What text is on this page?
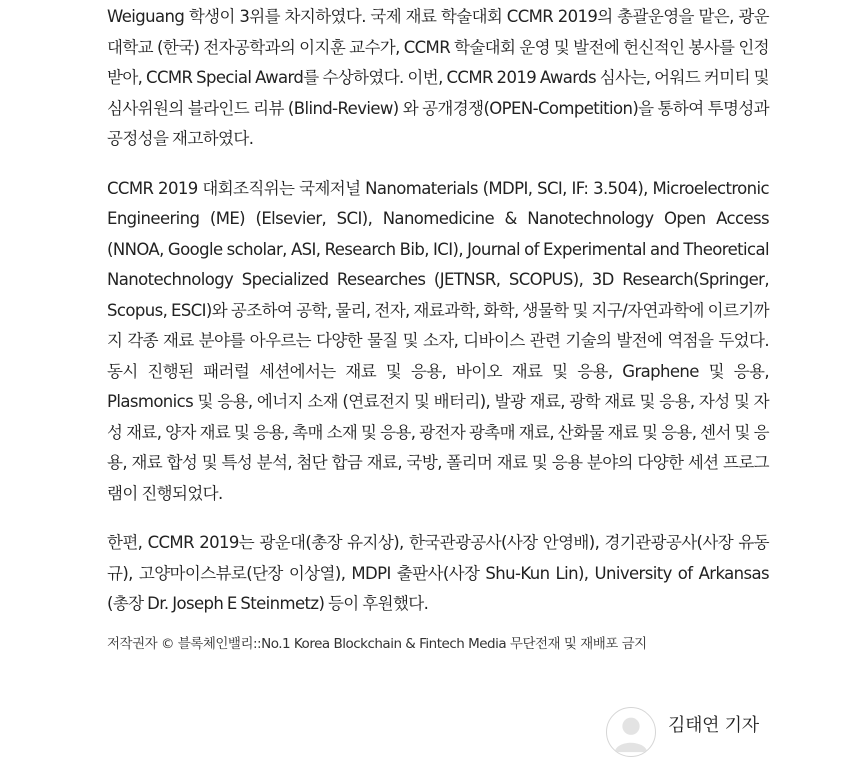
Weiguang 학생이 3위를 차지하였다. 국제 재료 학술대회 CCMR 2019의 총괄운영을 맡은, 광운대학교 (한국) 전자공학과의 이지훈 교수가, CCMR 학술대회 운영 및 발전에 헌신적인 봉사를 인정받아, CCMR Special Award를 수상하였다. 이번, CCMR 2019 Awards 심사는, 어워드 커미티 및 심사위원의 블라인드 리뷰 (Blind-Review) 와 공개경쟁(OPEN-Competition)을 통하여 투명성과 공정성을 재고하였다.

CCMR 2019 대회조직위는 국제저널 Nanomaterials (MDPI, SCI, IF: 3.504), Microelectronic Engineering (ME) (Elsevier, SCI), Nanomedicine & Nanotechnology Open Access (NNOA, Google scholar, ASI, Research Bib, ICI), Journal of Experimental and Theoretical Nanotechnology Specialized Researches (JETNSR, SCOPUS), 3D Research(Springer, Scopus, ESCI)와 공조하여 공학, 물리, 전자, 재료과학, 화학, 생물학 및 지구/자연과학에 이르기까지 각종 재료 분야를 아우르는 다양한 물질 및 소자, 디바이스 관련 기술의 발전에 역점을 두었다. 동시 진행된 패러럴 세션에서는 재료 및 응용, 바이오 재료 및 응용, Graphene 및 응용, Plasmonics 및 응용, 에너지 소재 (연료전지 및 배터리), 발광 재료, 광학 재료 및 응용, 자성 및 자성 재료, 양자 재료 및 응용, 촉매 소재 및 응용, 광전자 광촉매 재료, 산화물 재료 및 응용, 센서 및 응용, 재료 합성 및 특성 분석, 첨단 합금 재료, 국방, 폴리머 재료 및 응용 분야의 다양한 세션 프로그램이 진행되었다.

한편, CCMR 2019는 광운대(총장 유지상), 한국관광공사(사장 안영배), 경기관광공사(사장 유동규), 고양마이스뷰로(단장 이상열), MDPI 출판사(사장 Shu-Kun Lin), University of Arkansas (총장 Dr. Joseph E Steinmetz) 등이 후원했다.

저작권자 © 블록체인밸리::No.1 Korea Blockchain & Fintech Media 무단전재 및 재배포 금지
김태연 기자
